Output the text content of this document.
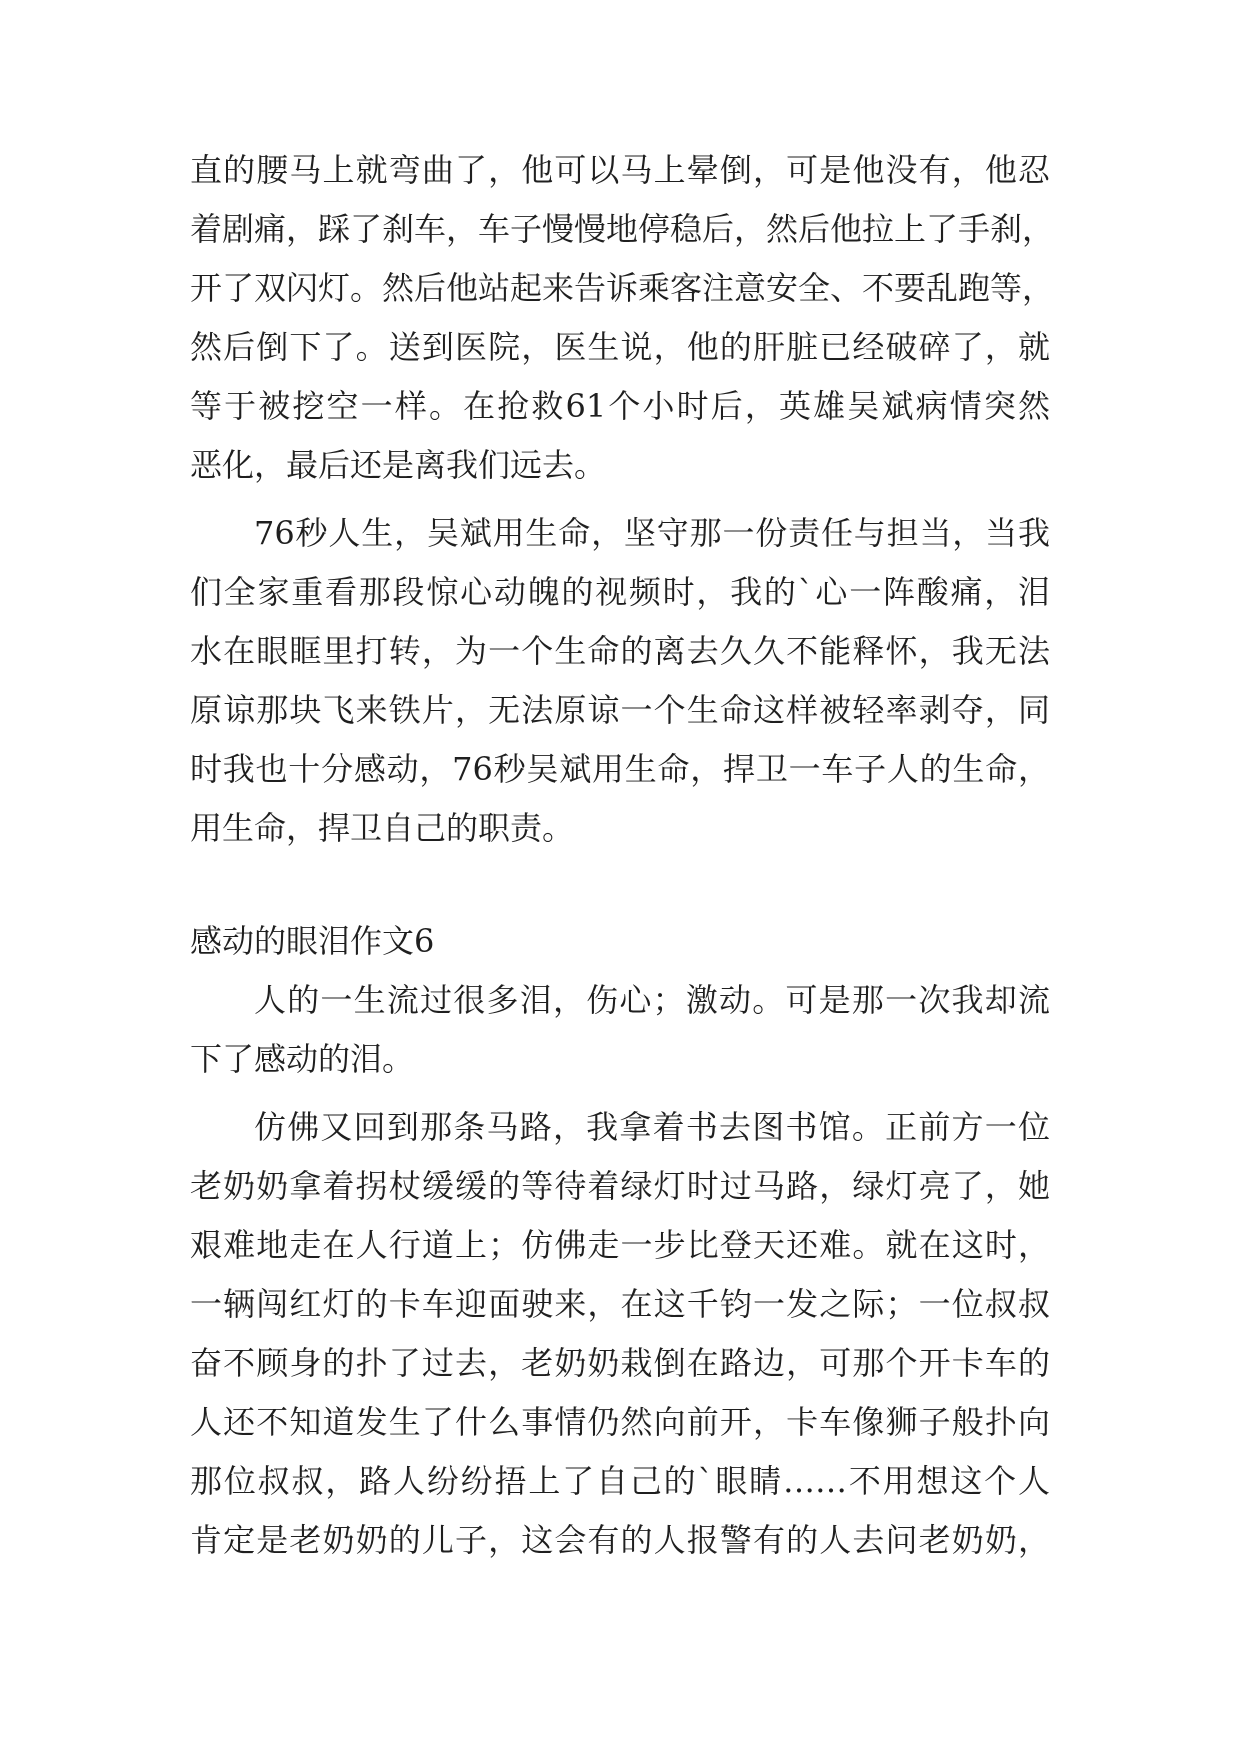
直的腰马上就弯曲了，他可以马上晕倒，可是他没有，他忍

着剧痛，踩了刹车，车子慢慢地停稳后，然后他拉上了手刹，

开了双闪灯。然后他站起来告诉乘客注意安全、不要乱跑等，

然后倒下了。送到医院，医生说，他的肝脏已经破碎了，就

等于被挖空一样。在抢救61个小时后，英雄吴斌病情突然

恶化，最后还是离我们远去。

76秒人生，吴斌用生命，坚守那一份责任与担当，当我

们全家重看那段惊心动魄的视频时，我的`心一阵酸痛，泪

水在眼眶里打转，为一个生命的离去久久不能释怀，我无法

原谅那块飞来铁片，无法原谅一个生命这样被轻率剥夺，同

时我也十分感动，76秒吴斌用生命，捍卫一车子人的生命，

用生命，捍卫自己的职责。

感动的眼泪作文6

人的一生流过很多泪，伤心；激动。可是那一次我却流

下了感动的泪。

仿佛又回到那条马路，我拿着书去图书馆。正前方一位

老奶奶拿着拐杖缓缓的等待着绿灯时过马路，绿灯亮了，她

艰难地走在人行道上；仿佛走一步比登天还难。就在这时，

一辆闯红灯的卡车迎面驶来，在这千钧一发之际；一位叔叔

奋不顾身的扑了过去，老奶奶栽倒在路边，可那个开卡车的

人还不知道发生了什么事情仍然向前开，卡车像狮子般扑向

那位叔叔，路人纷纷捂上了自己的`眼睛……不用想这个人

肯定是老奶奶的儿子，这会有的人报警有的人去问老奶奶，
